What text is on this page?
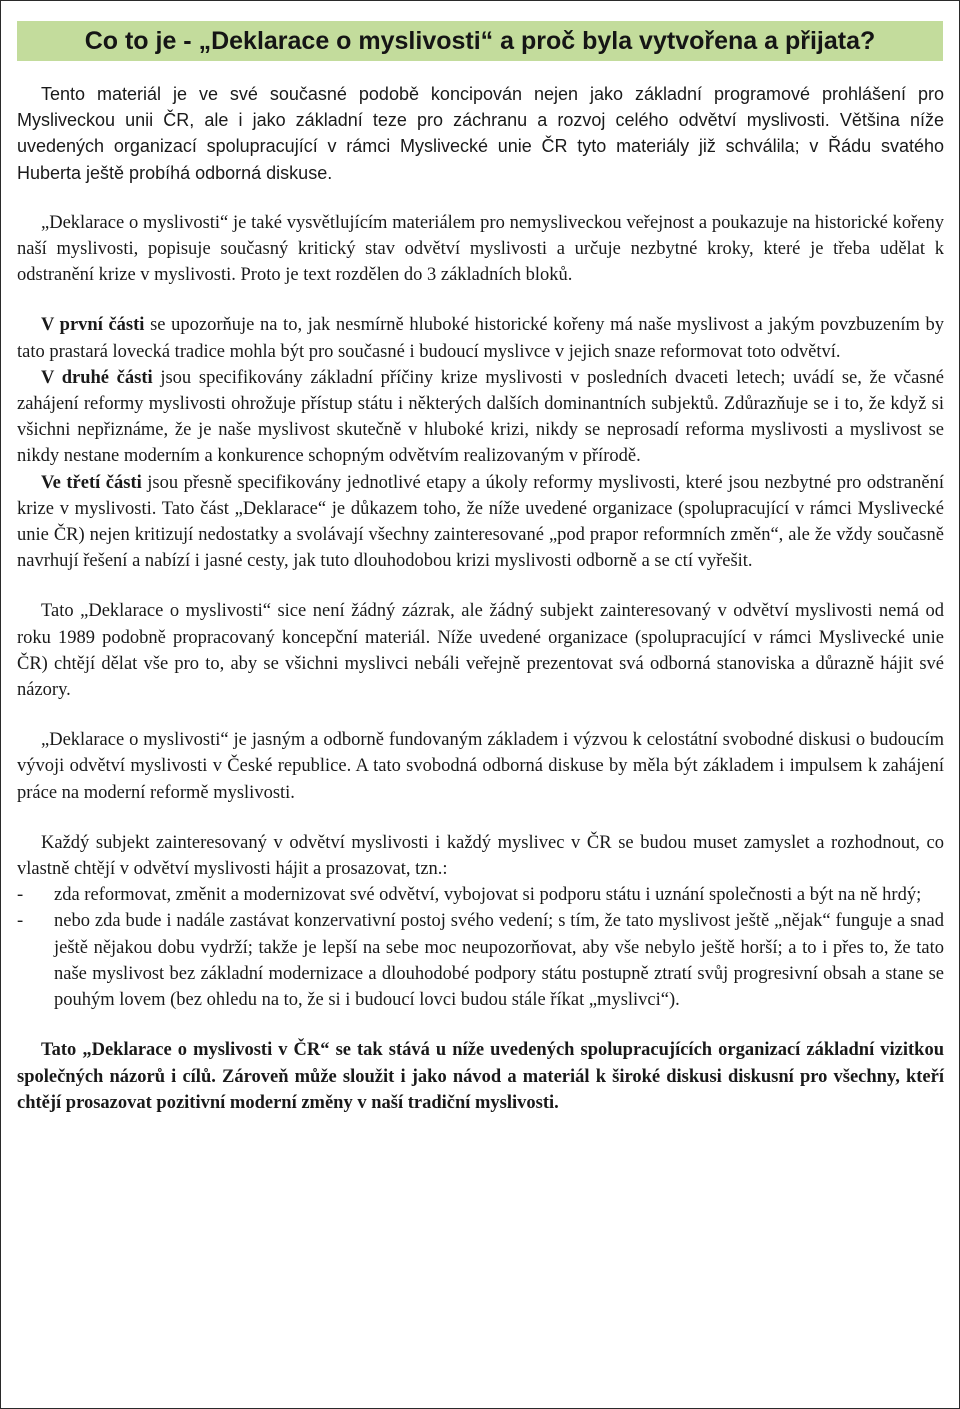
Co to je - „Deklarace o myslivosti“ a proč byla vytvořena a přijata?

Tento materiál je ve své současné podobě koncipován nejen jako základní programové prohlášení pro Mysliveckou unii ČR, ale i jako základní teze pro záchranu a rozvoj celého odvětví myslivosti. Většina níže uvedených organizací spolupracující v rámci Myslivecké unie ČR tyto materiály již schválila; v Řádu svatého Huberta ještě probíhá odborná diskuse.

„Deklarace o myslivosti“ je také vysvětlujícím materiálem pro nemysliveckou veřejnost a poukazuje na historické kořeny naší myslivosti, popisuje současný kritický stav odvětví myslivosti a určuje nezbytné kroky, které je třeba udělat k odstranění krize v myslivosti. Proto je text rozdělen do 3 základních bloků.

V první části se upozorňuje na to, jak nesmírně hluboké historické kořeny má naše myslivost a jakým povzbuzením by tato prastará lovecká tradice mohla být pro současné i budoucí myslivce v jejich snaze reformovat toto odvětví.

V druhé části jsou specifikovány základní příčiny krize myslivosti v posledních dvaceti letech; uvádí se, že včasné zahájení reformy myslivosti ohrožuje přístup státu i některých dalších dominantních subjektů. Zdůrazňuje se i to, že když si všichni nepřiznáme, že je naše myslivost skutečně v hluboké krizi, nikdy se neprosadí reforma myslivosti a myslivost se nikdy nestane moderním a konkurence schopným odvětvím realizovaným v přírodě.

Ve třetí části jsou přesně specifikovány jednotlivé etapy a úkoly reformy myslivosti, které jsou nezbytné pro odstranění krize v myslivosti. Tato část „Deklarace“ je důkazem toho, že níže uvedené organizace (spolupracující v rámci Myslivecké unie ČR) nejen kritizují nedostatky a svolávají všechny zainteresované „pod prapor reformních změn“, ale že vždy současně navrhují řešení a nabízí i jasné cesty, jak tuto dlouhodobou krizi myslivosti odborně a se ctí vyřešit.

Tato „Deklarace o myslivosti“ sice není žádný zázrak, ale žádný subjekt zainteresovaný v odvětví myslivosti nemá od roku 1989 podobně propracovaný koncepční materiál. Níže uvedené organizace (spolupracující v rámci Myslivecké unie ČR) chtějí dělat vše pro to, aby se všichni myslivci nebáli veřejně prezentovat svá odborná stanoviska a důrazně hájit své názory.

„Deklarace o myslivosti“ je jasným a odborně fundovaným základem i výzvou k celostátní svobodné diskusi o budoucím vývoji odvětví myslivosti v České republice. A tato svobodná odborná diskuse by měla být základem i impulsem k zahájení práce na moderní reformě myslivosti.

Každý subjekt zainteresovaný v odvětví myslivosti i každý myslivec v ČR se budou muset zamyslet a rozhodnout, co vlastně chtějí v odvětví myslivosti hájit a prosazovat, tzn.:

- zda reformovat, změnit a modernizovat své odvětví, vybojovat si podporu státu i uznání společnosti a být na ně hrdý;
- nebo zda bude i nadále zastávat konzervativní postoj svého vedení; s tím, že tato myslivost ještě „nějak“ funguje a snad ještě nějakou dobu vydrží; takže je lepší na sebe moc neupozorňovat, aby vše nebylo ještě horší; a to i přes to, že tato naše myslivost bez základní modernizace a dlouhodobé podpory státu postupně ztratí svůj progresivní obsah a stane se pouhým lovem (bez ohledu na to, že si i budoucí lovci budou stále říkat „myslivci“).

Tato „Deklarace o myslivosti v ČR“ se tak stává u níže uvedených spolupracujících organizací základní vizitkou společných názorů i cílů. Zároveň může sloužit i jako návod a materiál k široké diskusi diskusní pro všechny, kteří chtějí prosazovat pozitivní moderní změny v naší tradiční myslivosti.
